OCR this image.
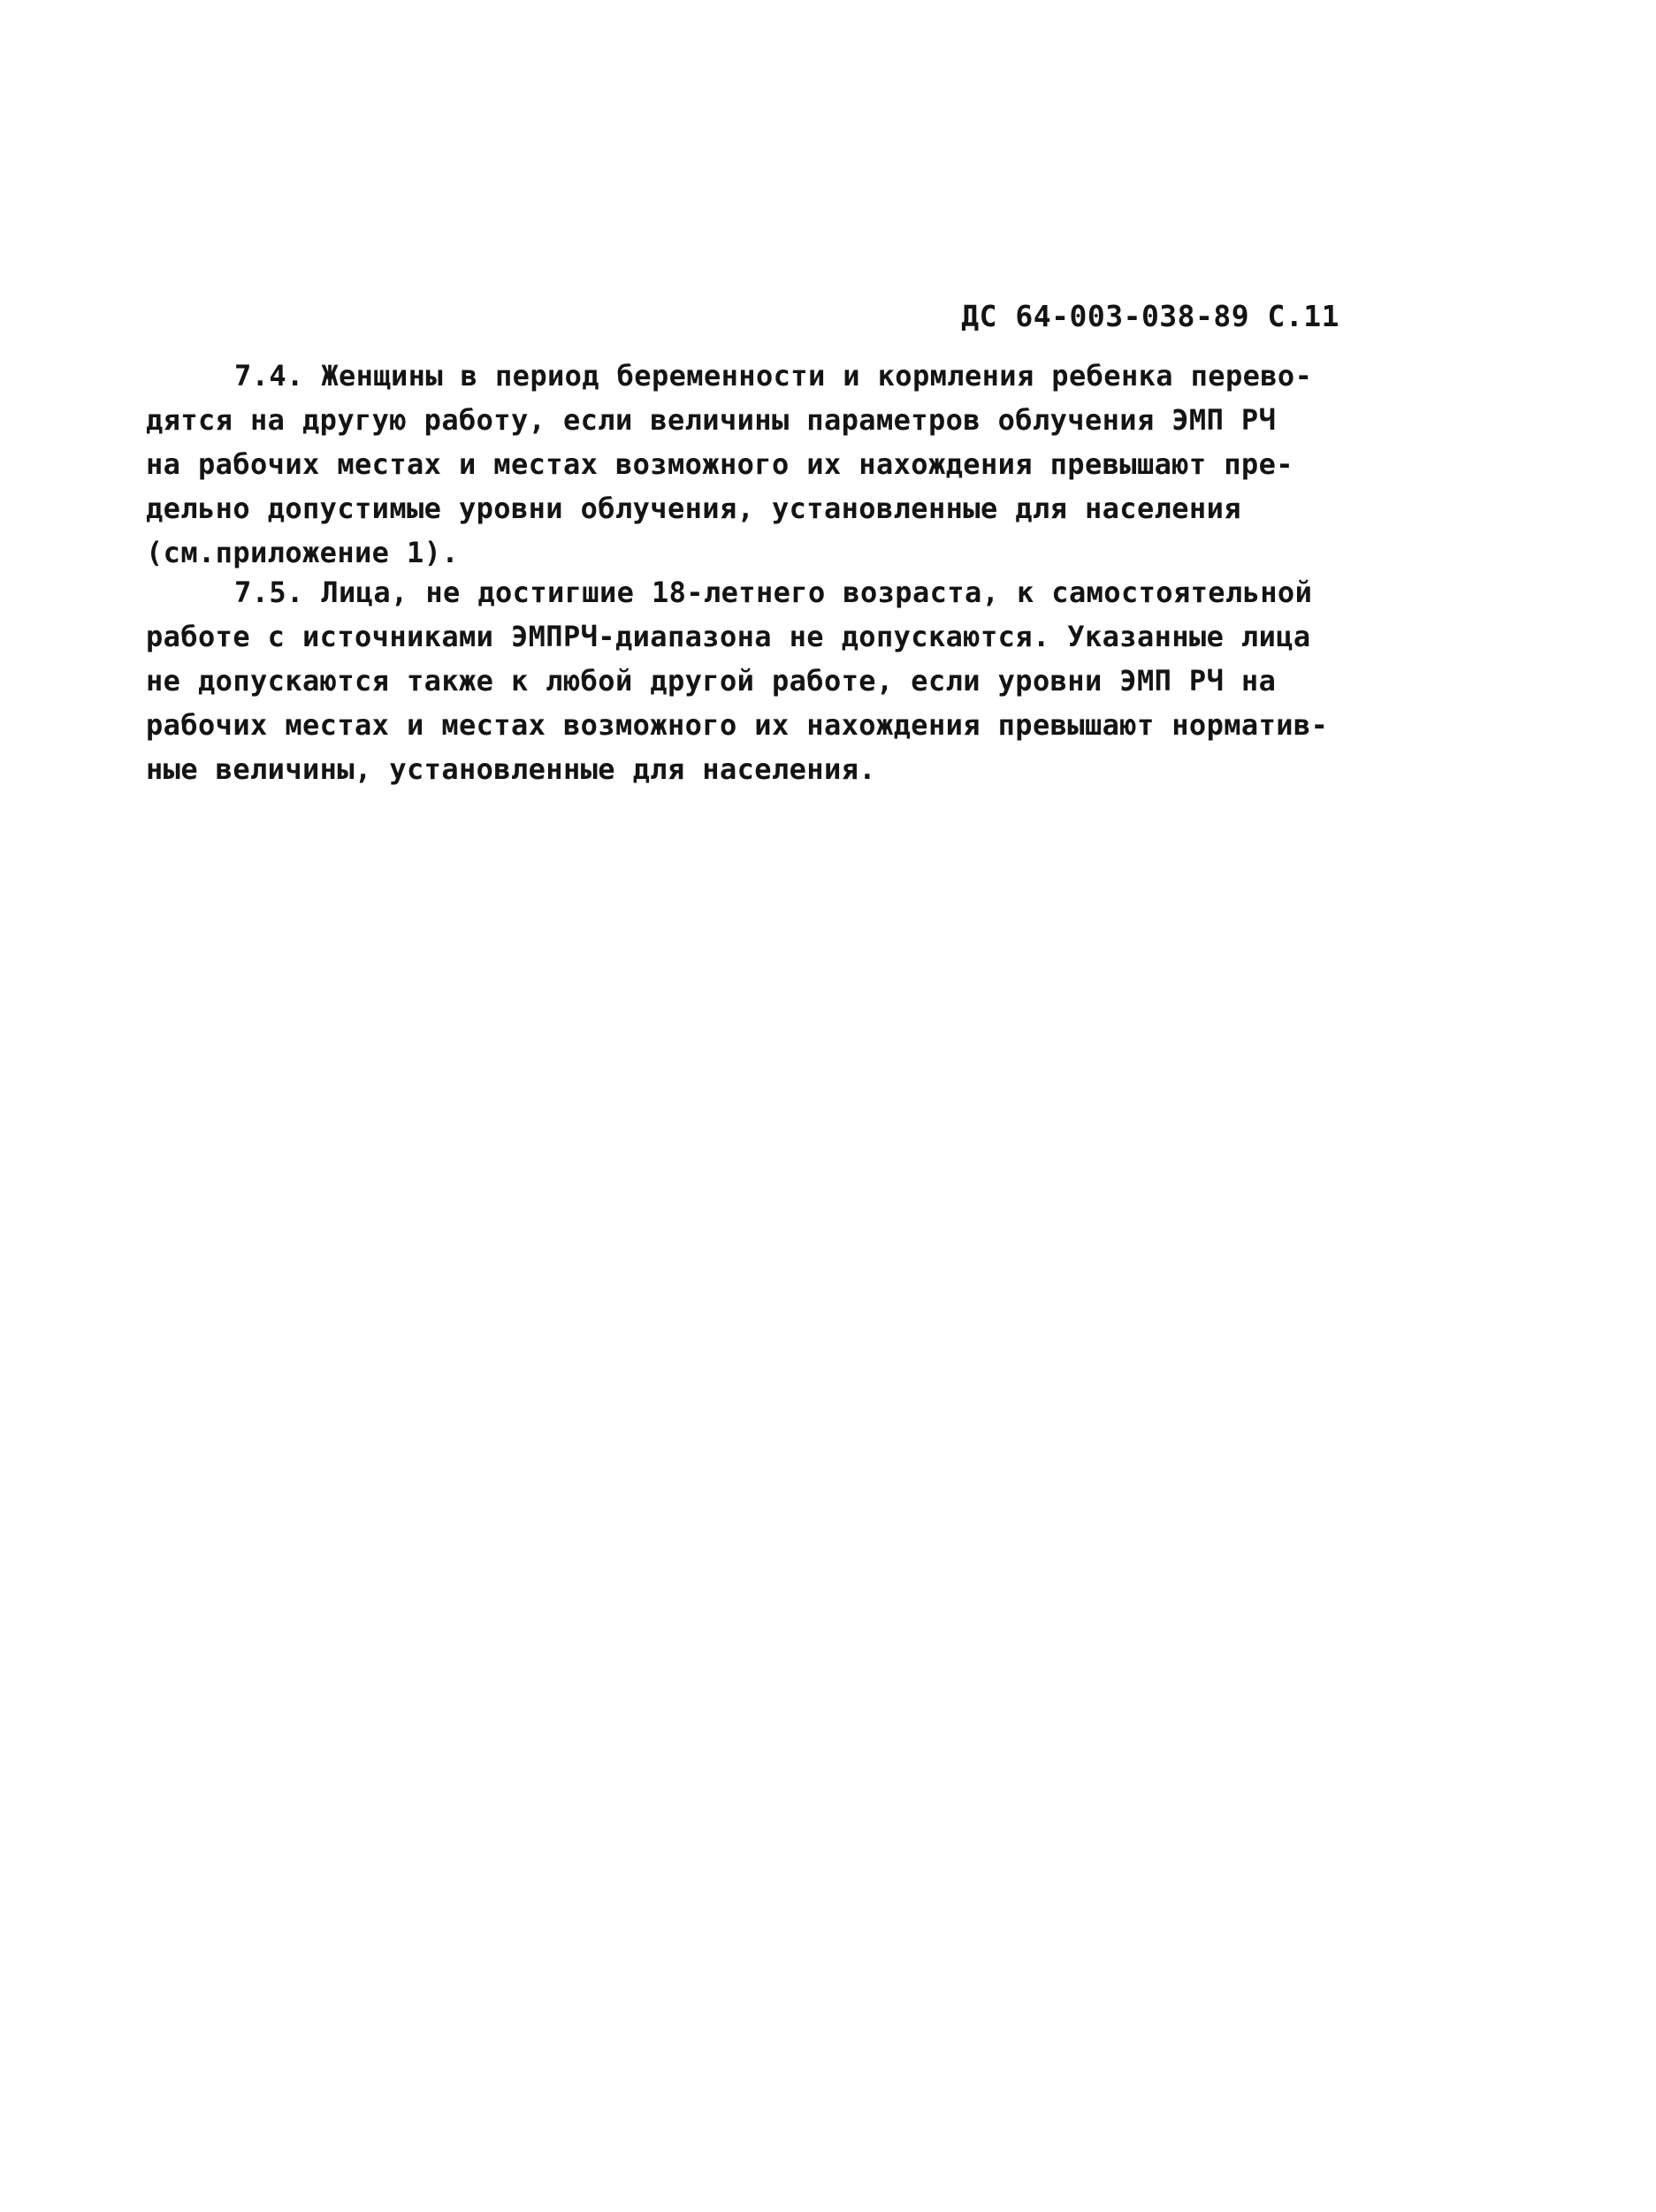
ДС 64-003-038-89 С.11
7.4. Женщины в период беременности и кормления ребенка перево-
дятся на другую работу, если величины параметров облучения ЭМП РЧ
на рабочих местах и местах возможного их нахождения превышают пре-
дельно допустимые уровни облучения, установленные для населения
(см.приложение 1).
7.5. Лица, не достигшие 18-летнего возраста, к самостоятельной
работе с источниками ЭМПРЧ-диапазона не допускаются. Указанные лица
не допускаются также к любой другой работе, если уровни ЭМП РЧ на
рабочих местах и местах возможного их нахождения превышают норматив-
ные величины, установленные для населения.
